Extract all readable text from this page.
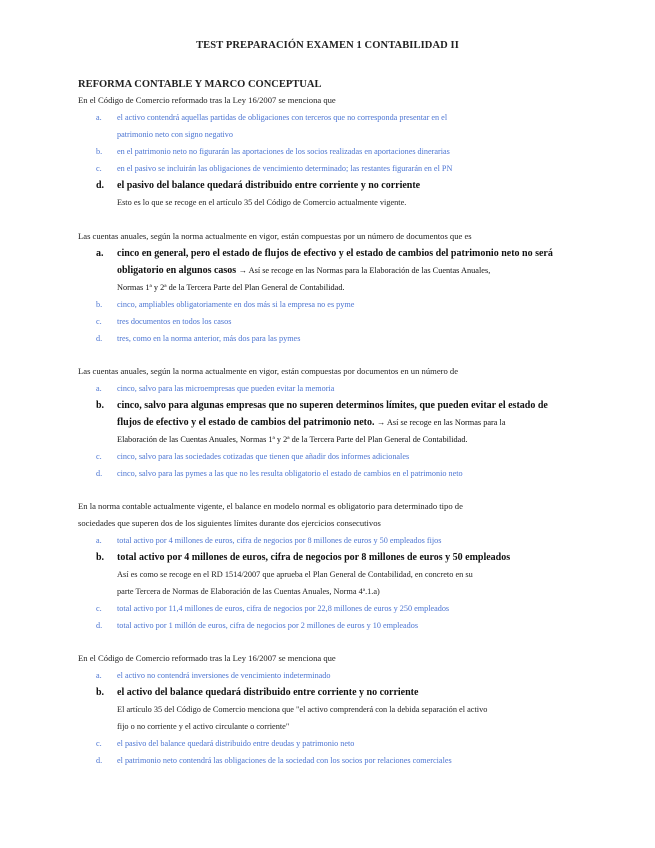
TEST PREPARACIÓN EXAMEN 1 CONTABILIDAD II
REFORMA CONTABLE Y MARCO CONCEPTUAL
En el Código de Comercio reformado tras la Ley 16/2007 se menciona que
a. el activo contendrá aquellas partidas de obligaciones con terceros que no corresponda presentar en el
patrimonio neto con signo negativo
b. en el patrimonio neto no figurarán las aportaciones de los socios realizadas en aportaciones dinerarias
c. en el pasivo se incluirán las obligaciones de vencimiento determinado; las restantes figurarán en el PN
d. el pasivo del balance quedará distribuido entre corriente y no corriente
Esto es lo que se recoge en el artículo 35 del Código de Comercio actualmente vigente.
Las cuentas anuales, según la norma actualmente en vigor, están compuestas por un número de documentos que es
a. cinco en general, pero el estado de flujos de efectivo y el estado de cambios del patrimonio neto no será
obligatorio en algunos casos → Así se recoge en las Normas para la Elaboración de las Cuentas Anuales,
Normas 1ª y 2ª de la Tercera Parte del Plan General de Contabilidad.
b. cinco, ampliables obligatoriamente en dos más si la empresa no es pyme
c. tres documentos en todos los casos
d. tres, como en la norma anterior, más dos para las pymes
Las cuentas anuales, según la norma actualmente en vigor, están compuestas por documentos en un número de
a. cinco, salvo para las microempresas que pueden evitar la memoria
b. cinco, salvo para algunas empresas que no superen determinos límites, que pueden evitar el estado de
flujos de efectivo y el estado de cambios del patrimonio neto. → Así se recoge en las Normas para la
Elaboración de las Cuentas Anuales, Normas 1ª y 2ª de la Tercera Parte del Plan General de Contabilidad.
c. cinco, salvo para las sociedades cotizadas que tienen que añadir dos informes adicionales
d. cinco, salvo para las pymes a las que no les resulta obligatorio el estado de cambios en el patrimonio neto
En la norma contable actualmente vigente, el balance en modelo normal es obligatorio para determinado tipo de
sociedades que superen dos de los siguientes límites durante dos ejercicios consecutivos
a. total activo por 4 millones de euros, cifra de negocios por 8 millones de euros y 50 empleados fijos
b. total activo por 4 millones de euros, cifra de negocios por 8 millones de euros y 50 empleados
Así es como se recoge en el RD 1514/2007 que aprueba el Plan General de Contabilidad, en concreto en su
parte Tercera de Normas de Elaboración de las Cuentas Anuales, Norma 4ª.1.a)
c. total activo por 11,4 millones de euros, cifra de negocios por 22,8 millones de euros y 250 empleados
d. total activo por 1 millón de euros, cifra de negocios por 2 millones de euros y 10 empleados
En el Código de Comercio reformado tras la Ley 16/2007 se menciona que
a. el activo no contendrá inversiones de vencimiento indeterminado
b. el activo del balance quedará distribuido entre corriente y no corriente
El artículo 35 del Código de Comercio menciona que "el activo comprenderá con la debida separación el activo
fijo o no corriente y el activo circulante o corriente"
c. el pasivo del balance quedará distribuido entre deudas y patrimonio neto
d. el patrimonio neto contendrá las obligaciones de la sociedad con los socios por relaciones comerciales
